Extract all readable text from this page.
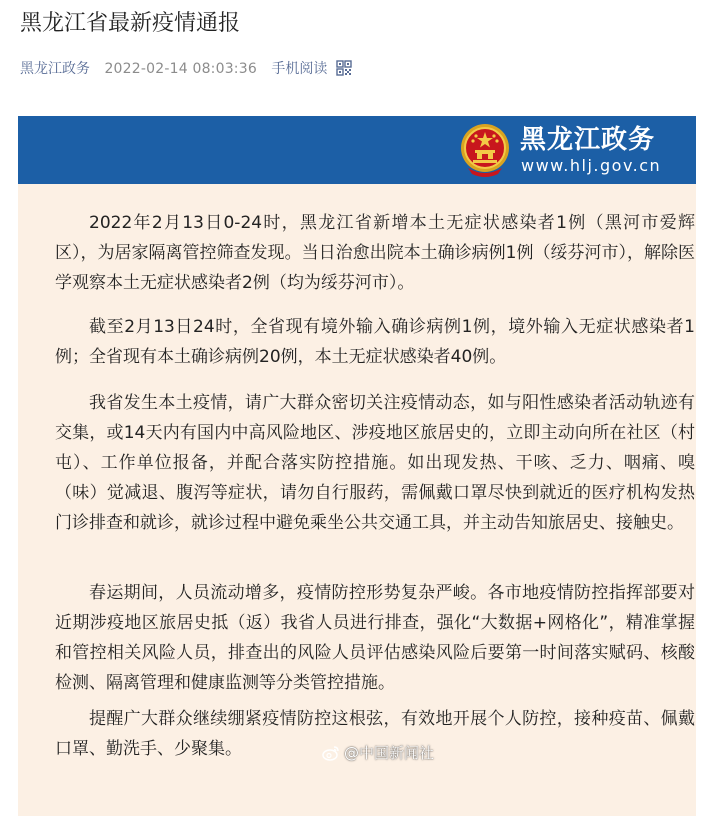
黑龙江省最新疫情通报
黑龙江政务 2022-02-14 08:03:36 手机阅读
黑龙江政务
www.hlj.gov.cn

2022年2月13日0-24时，黑龙江省新增本土无症状感染者1例（黑河市爱辉区），为居家隔离管控筛查发现。当日治愈出院本土确诊病例1例（绥芬河市），解除医学观察本土无症状感染者2例（均为绥芬河市）。

截至2月13日24时，全省现有境外输入确诊病例1例，境外输入无症状感染者1例；全省现有本土确诊病例20例，本土无症状感染者40例。

我省发生本土疫情，请广大群众密切关注疫情动态，如与阳性感染者活动轨迹有交集，或14天内有国内中高风险地区、涉疫地区旅居史的，立即主动向所在社区（村屯）、工作单位报备，并配合落实防控措施。如出现发热、干咳、乏力、咽痛、嗅（味）觉减退、腹泻等症状，请勿自行服药，需佩戴口罩尽快到就近的医疗机构发热门诊排查和就诊，就诊过程中避免乘坐公共交通工具，并主动告知旅居史、接触史。

春运期间，人员流动增多，疫情防控形势复杂严峻。各市地疫情防控指挥部要对近期涉疫地区旅居史抵（返）我省人员进行排查，强化“大数据+网格化”，精准掌握和管控相关风险人员，排查出的风险人员评估感染风险后要第一时间落实赋码、核酸检测、隔离管理和健康监测等分类管控措施。

提醒广大群众继续绷紧疫情防控这根弦，有效地开展个人防控，接种疫苗、佩戴口罩、勤洗手、少聚集。	@中国新闻社
